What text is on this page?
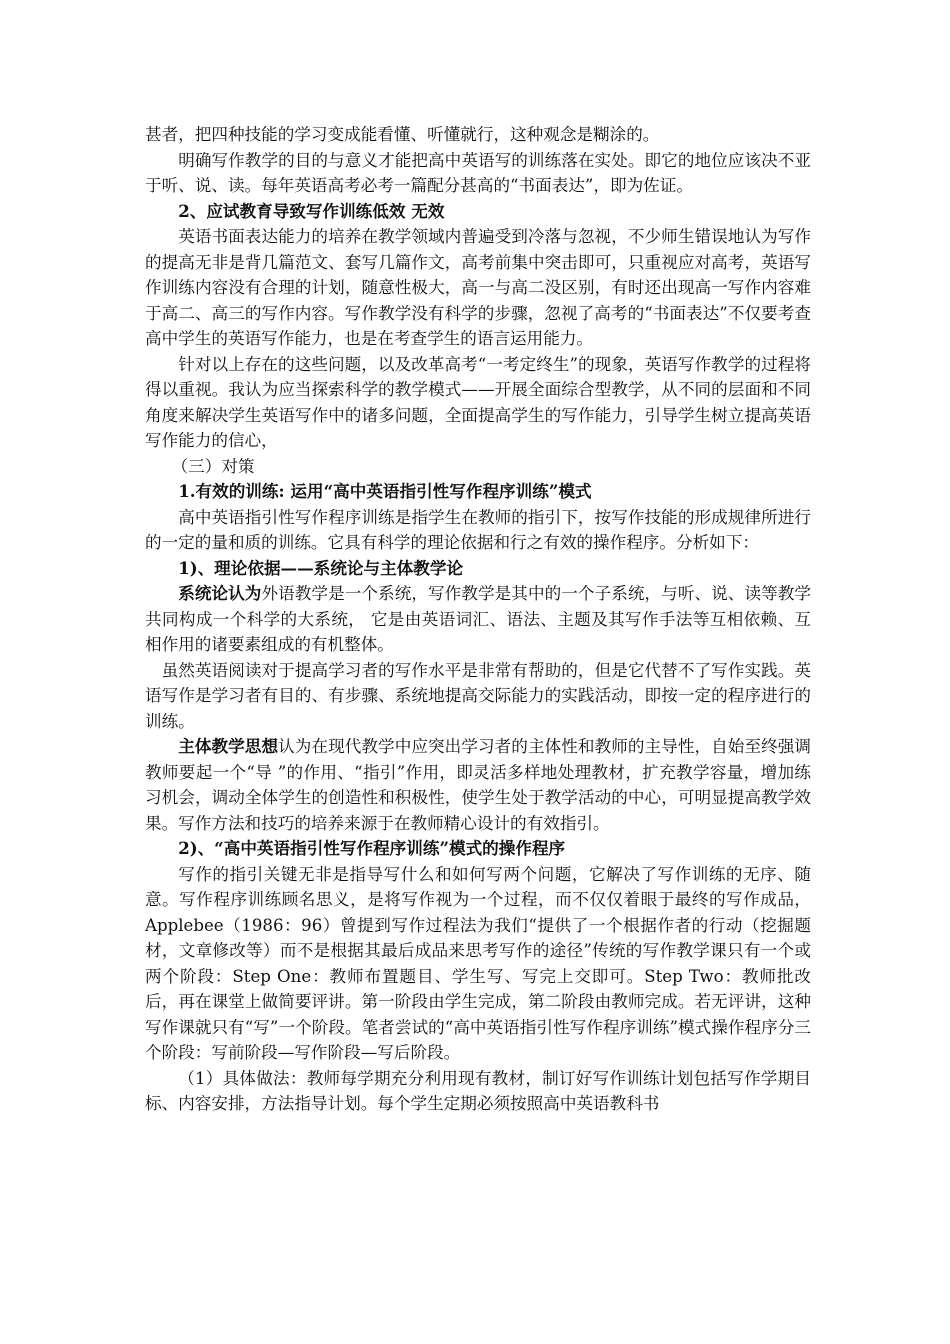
甚者，把四种技能的学习变成能看懂、听懂就行，这种观念是糊涂的。

明确写作教学的目的与意义才能把高中英语写的训练落在实处。即它的地位应该决不亚于听、说、读。每年英语高考必考一篇配分甚高的“书面表达”，即为佐证。

2、应试教育导致写作训练低效 无效

英语书面表达能力的培养在教学领域内普遍受到冷落与忽视，不少师生错误地认为写作的提高无非是背几篇范文、套写几篇作文，高考前集中突击即可，只重视应对高考，英语写作训练内容没有合理的计划，随意性极大，高一与高二没区别，有时还出现高一写作内容难于高二、高三的写作内容。写作教学没有科学的步骤，忽视了高考的“书面表达”不仅要考查高中学生的英语写作能力，也是在考查学生的语言运用能力。

针对以上存在的这些问题，以及改革高考“一考定终生”的现象，英语写作教学的过程将得以重视。我认为应当探索科学的教学模式——开展全面综合型教学，从不同的层面和不同角度来解决学生英语写作中的诸多问题，全面提高学生的写作能力，引导学生树立提高英语写作能力的信心，

（三）对策

1.有效的训练: 运用“高中英语指引性写作程序训练”模式

高中英语指引性写作程序训练是指学生在教师的指引下，按写作技能的形成规律所进行的一定的量和质的训练。它具有科学的理论依据和行之有效的操作程序。分析如下：

1)、理论依据——系统论与主体教学论

系统论认为外语教学是一个系统，写作教学是其中的一个子系统，与听、说、读等教学共同构成一个科学的大系统， 它是由英语词汇、语法、主题及其写作手法等互相依赖、互相作用的诸要素组成的有机整体。

虽然英语阅读对于提高学习者的写作水平是非常有帮助的，但是它代替不了写作实践。英语写作是学习者有目的、有步骤、系统地提高交际能力的实践活动，即按一定的程序进行的训练。

主体教学思想认为在现代教学中应突出学习者的主体性和教师的主导性，自始至终强调教师要起一个“导 ”的作用、“指引”作用，即灵活多样地处理教材，扩充教学容量，增加练习机会，调动全体学生的创造性和积极性，使学生处于教学活动的中心，可明显提高教学效果。写作方法和技巧的培养来源于在教师精心设计的有效指引。

2)、“高中英语指引性写作程序训练”模式的操作程序

写作的指引关键无非是指导写什么和如何写两个问题，它解决了写作训练的无序、随意。写作程序训练顾名思义，是将写作视为一个过程，而不仅仅着眼于最终的写作成品，Applebee（1986：96）曾提到写作过程法为我们“提供了一个根据作者的行动（挖掘题材，文章修改等）而不是根据其最后成品来思考写作的途径”传统的写作教学课只有一个或两个阶段：Step One：教师布置题目、学生写、写完上交即可。Step Two：教师批改后，再在课堂上做简要评讲。第一阶段由学生完成，第二阶段由教师完成。若无评讲，这种写作课就只有“写”一个阶段。笔者尝试的“高中英语指引性写作程序训练”模式操作程序分三个阶段：写前阶段—写作阶段—写后阶段。

（1）具体做法：教师每学期充分利用现有教材，制订好写作训练计划包括写作学期目标、内容安排，方法指导计划。每个学生定期必须按照高中英语教科书
